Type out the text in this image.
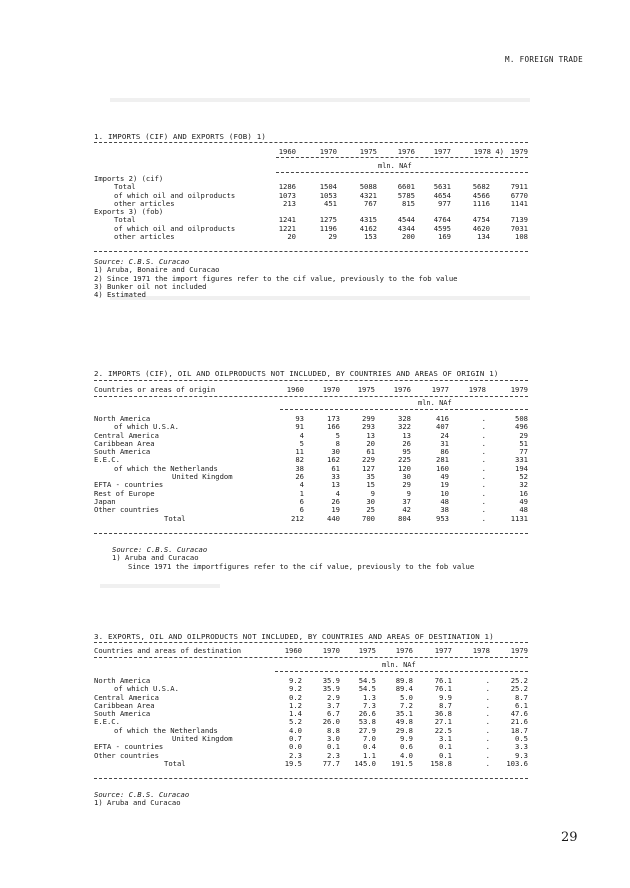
M. FOREIGN TRADE
1. IMPORTS (CIF) AND EXPORTS (FOB) 1)
1960	1970	1975	1976	1977	1978 4) 1979
mln. NAf
Imports 2) (cif)							
Total	1286	1504	5088	6601	5631	5682	7911
of which oil and oilproducts	1073	1053	4321	5785	4654	4566	6770
other articles	213	451	767	815	977	1116	1141

Exports 3) (fob)							
Total	1241	1275	4315	4544	4764	4754	7139
of which oil and oilproducts	1221	1196	4162	4344	4595	4620	7031
other articles	20	29	153	200	169	134	108
Source: C.B.S. Curacao
1) Aruba, Bonaire and Curacao
2) Since 1971 the import figures refer to the cif value, previously to the fob value
3) Bunker oil not included
4) Estimated
2. IMPORTS (CIF), OIL AND OILPRODUCTS NOT INCLUDED, BY COUNTRIES AND AREAS OF ORIGIN 1)
Countries or areas of origin	1960	1970	1975	1976	1977	1978	1979
mln. NAf
North America	93	173	299	328	416	.	508
of which U.S.A.	91	166	293	322	407	.	496
Central America	4	5	13	13	24	.	29
Caribbean Area	5	8	20	26	31	.	51
South America	11	30	61	95	86	.	77
E.E.C.	82	162	229	225	281	.	331
of which the Netherlands	38	61	127	120	160	.	194
United Kingdom	26	33	35	30	49	.	52
EFTA - countries	4	13	15	29	19	.	32
Rest of Europe	1	4	9	9	10	.	16
Japan	6	26	30	37	48	.	49
Other countries	6	19	25	42	38	.	48

Total	212	440	700	804	953	.	1131
Source: C.B.S. Curacao
1) Aruba and Curacao
Since 1971 the importfigures refer to the cif value, previously to the fob value
3. EXPORTS, OIL AND OILPRODUCTS NOT INCLUDED, BY COUNTRIES AND AREAS OF DESTINATION 1)
Countries and areas of destination	1960	1970	1975	1976	1977	1978	1979
mln. NAf
North America	9.2	35.9	54.5	89.8	76.1	.	25.2
of which U.S.A.	9.2	35.9	54.5	89.4	76.1	.	25.2
Central America	0.2	2.9	1.3	5.0	9.9	.	8.7
Caribbean Area	1.2	3.7	7.3	7.2	8.7	.	6.1
South America	1.4	6.7	26.6	35.1	36.8	.	47.6
E.E.C.	5.2	26.0	53.8	49.8	27.1	.	21.6
of which the Netherlands	4.0	8.8	27.9	29.8	22.5	.	18.7
United Kingdom	0.7	3.0	7.0	9.9	3.1	.	0.5
EFTA - countries	0.0	0.1	0.4	0.6	0.1	.	3.3
Other countries	2.3	2.3	1.1	4.0	0.1	.	9.3

Total	19.5	77.7	145.0	191.5	158.8	.	103.6
Source: C.B.S. Curacao
1) Aruba and Curacao
29
